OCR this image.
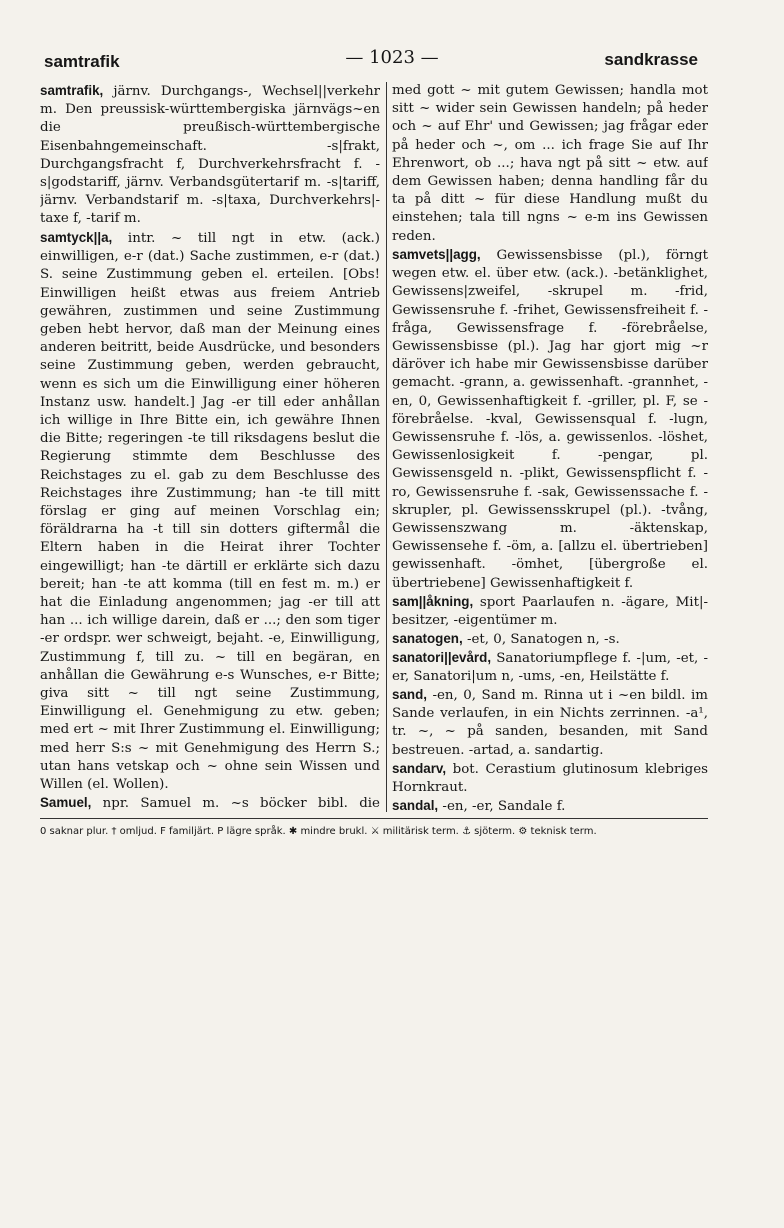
samtrafik	— 1023 —	sandkrasse
samtrafik, järnv. Durchgangs-, Wechsel||verkehr m. Den preussisk-württembergiska järnvägs~en die preußisch-württembergische Eisenbahngemeinschaft. -s|frakt, Durchgangsfracht f, Durchverkehrsfracht f. -s|godstariff, järnv. Verbandsgütertarif m. -s|tariff, järnv. Verbandstarif m. -s|taxa, Durchverkehrs|-taxe f, -tarif m.
samtyck||a, intr. ~ till ngt in etw. (ack.) einwilligen, e-r (dat.) Sache zustimmen, e-r (dat.) S. seine Zustimmung geben el. erteilen. [Obs! Einwilligen heißt etwas aus freiem Antrieb gewähren, zustimmen und seine Zustimmung geben hebt hervor, daß man der Meinung eines anderen beitritt, beide Ausdrücke, und besonders seine Zustimmung geben, werden gebraucht, wenn es sich um die Einwilligung einer höheren Instanz usw. handelt.] Jag -er till eder anhållan ich willige in Ihre Bitte ein, ich gewähre Ihnen die Bitte; regeringen -te till riksdagens beslut die Regierung stimmte dem Beschlusse des Reichstages zu el. gab zu dem Beschlusse des Reichstages ihre Zustimmung; han -te till mitt förslag er ging auf meinen Vorschlag ein; föräldrarna ha -t till sin dotters giftermål die Eltern haben in die Heirat ihrer Tochter eingewilligt; han -te därtill er erklärte sich dazu bereit; han -te att komma (till en fest m. m.) er hat die Einladung angenommen; jag -er till att han ... ich willige darein, daß er ...; den som tiger -er ordspr. wer schweigt, bejaht. -e, Einwilligung, Zustimmung f, till zu. ~ till en begäran, en anhållan die Gewährung e-s Wunsches, e-r Bitte; giva sitt ~ till ngt seine Zustimmung, Einwilligung el. Genehmigung zu etw. geben; med ert ~ mit Ihrer Zustimmung el. Einwilligung; med herr S:s ~ mit Genehmigung des Herrn S.; utan hans vetskap och ~ ohne sein Wissen und Willen (el. Wollen).
Samuel, npr. Samuel m. ~s böcker bibl. die
med gott ~ mit gutem Gewissen; handla mot sitt ~ wider sein Gewissen handeln; på heder och ~ auf Ehr' und Gewissen; jag frågar eder på heder och ~, om ... ich frage Sie auf Ihr Ehrenwort, ob ...; hava ngt på sitt ~ etw. auf dem Gewissen haben; denna handling får du ta på ditt ~ für diese Handlung mußt du einstehen; tala till ngns ~ e-m ins Gewissen reden.
samvets||agg, Gewissensbisse (pl.), förngt wegen etw. el. über etw. (ack.). -betänklighet, Gewissens|zweifel, -skrupel m. -frid, Gewissensruhe f. -frihet, Gewissensfreiheit f. -fråga, Gewissensfrage f. -förebråelse, Gewissensbisse (pl.). Jag har gjort mig ~r däröver ich habe mir Gewissensbisse darüber gemacht. -grann, a. gewissenhaft. -grannhet, -en, 0, Gewissenhaftigkeit f. -griller, pl. F, se -förebråelse. -kval, Gewissensqual f. -lugn, Gewissensruhe f. -lös, a. gewissenlos. -löshet, Gewissenlosigkeit f. -pengar, pl. Gewissensgeld n. -plikt, Gewissenspflicht f. -ro, Gewissensruhe f. -sak, Gewissenssache f. -skrupler, pl. Gewissensskrupel (pl.). -tvång, Gewissenszwang m. -äktenskap, Gewissensehe f. -öm, a. [allzu el. übertrieben] gewissenhaft. -ömhet, [übergroße el. übertriebene] Gewissenhaftigkeit f.
sam||åkning, sport Paarlaufen n. -ägare, Mit|-besitzer, -eigentümer m.
sanatogen, -et, 0, Sanatogen n, -s.
sanatori||evård, Sanatoriumpflege f. -|um, -et, -er, Sanatori|um n, -ums, -en, Heilstätte f.
sand, -en, 0, Sand m. Rinna ut i ~en bildl. im Sande verlaufen, in ein Nichts zerrinnen. -a¹, tr. ~, ~ på sanden, besanden, mit Sand bestreuen. -artad, a. sandartig.
sandarv, bot. Cerastium glutinosum klebriges Hornkraut.
sandal, -en, -er, Sandale f.
0 saknar plur. † omljud. F familjärt. P lägre språk. ✱ mindre brukl. ⚔ militärisk term. ⚓ sjöterm. ⚙ teknisk term.
